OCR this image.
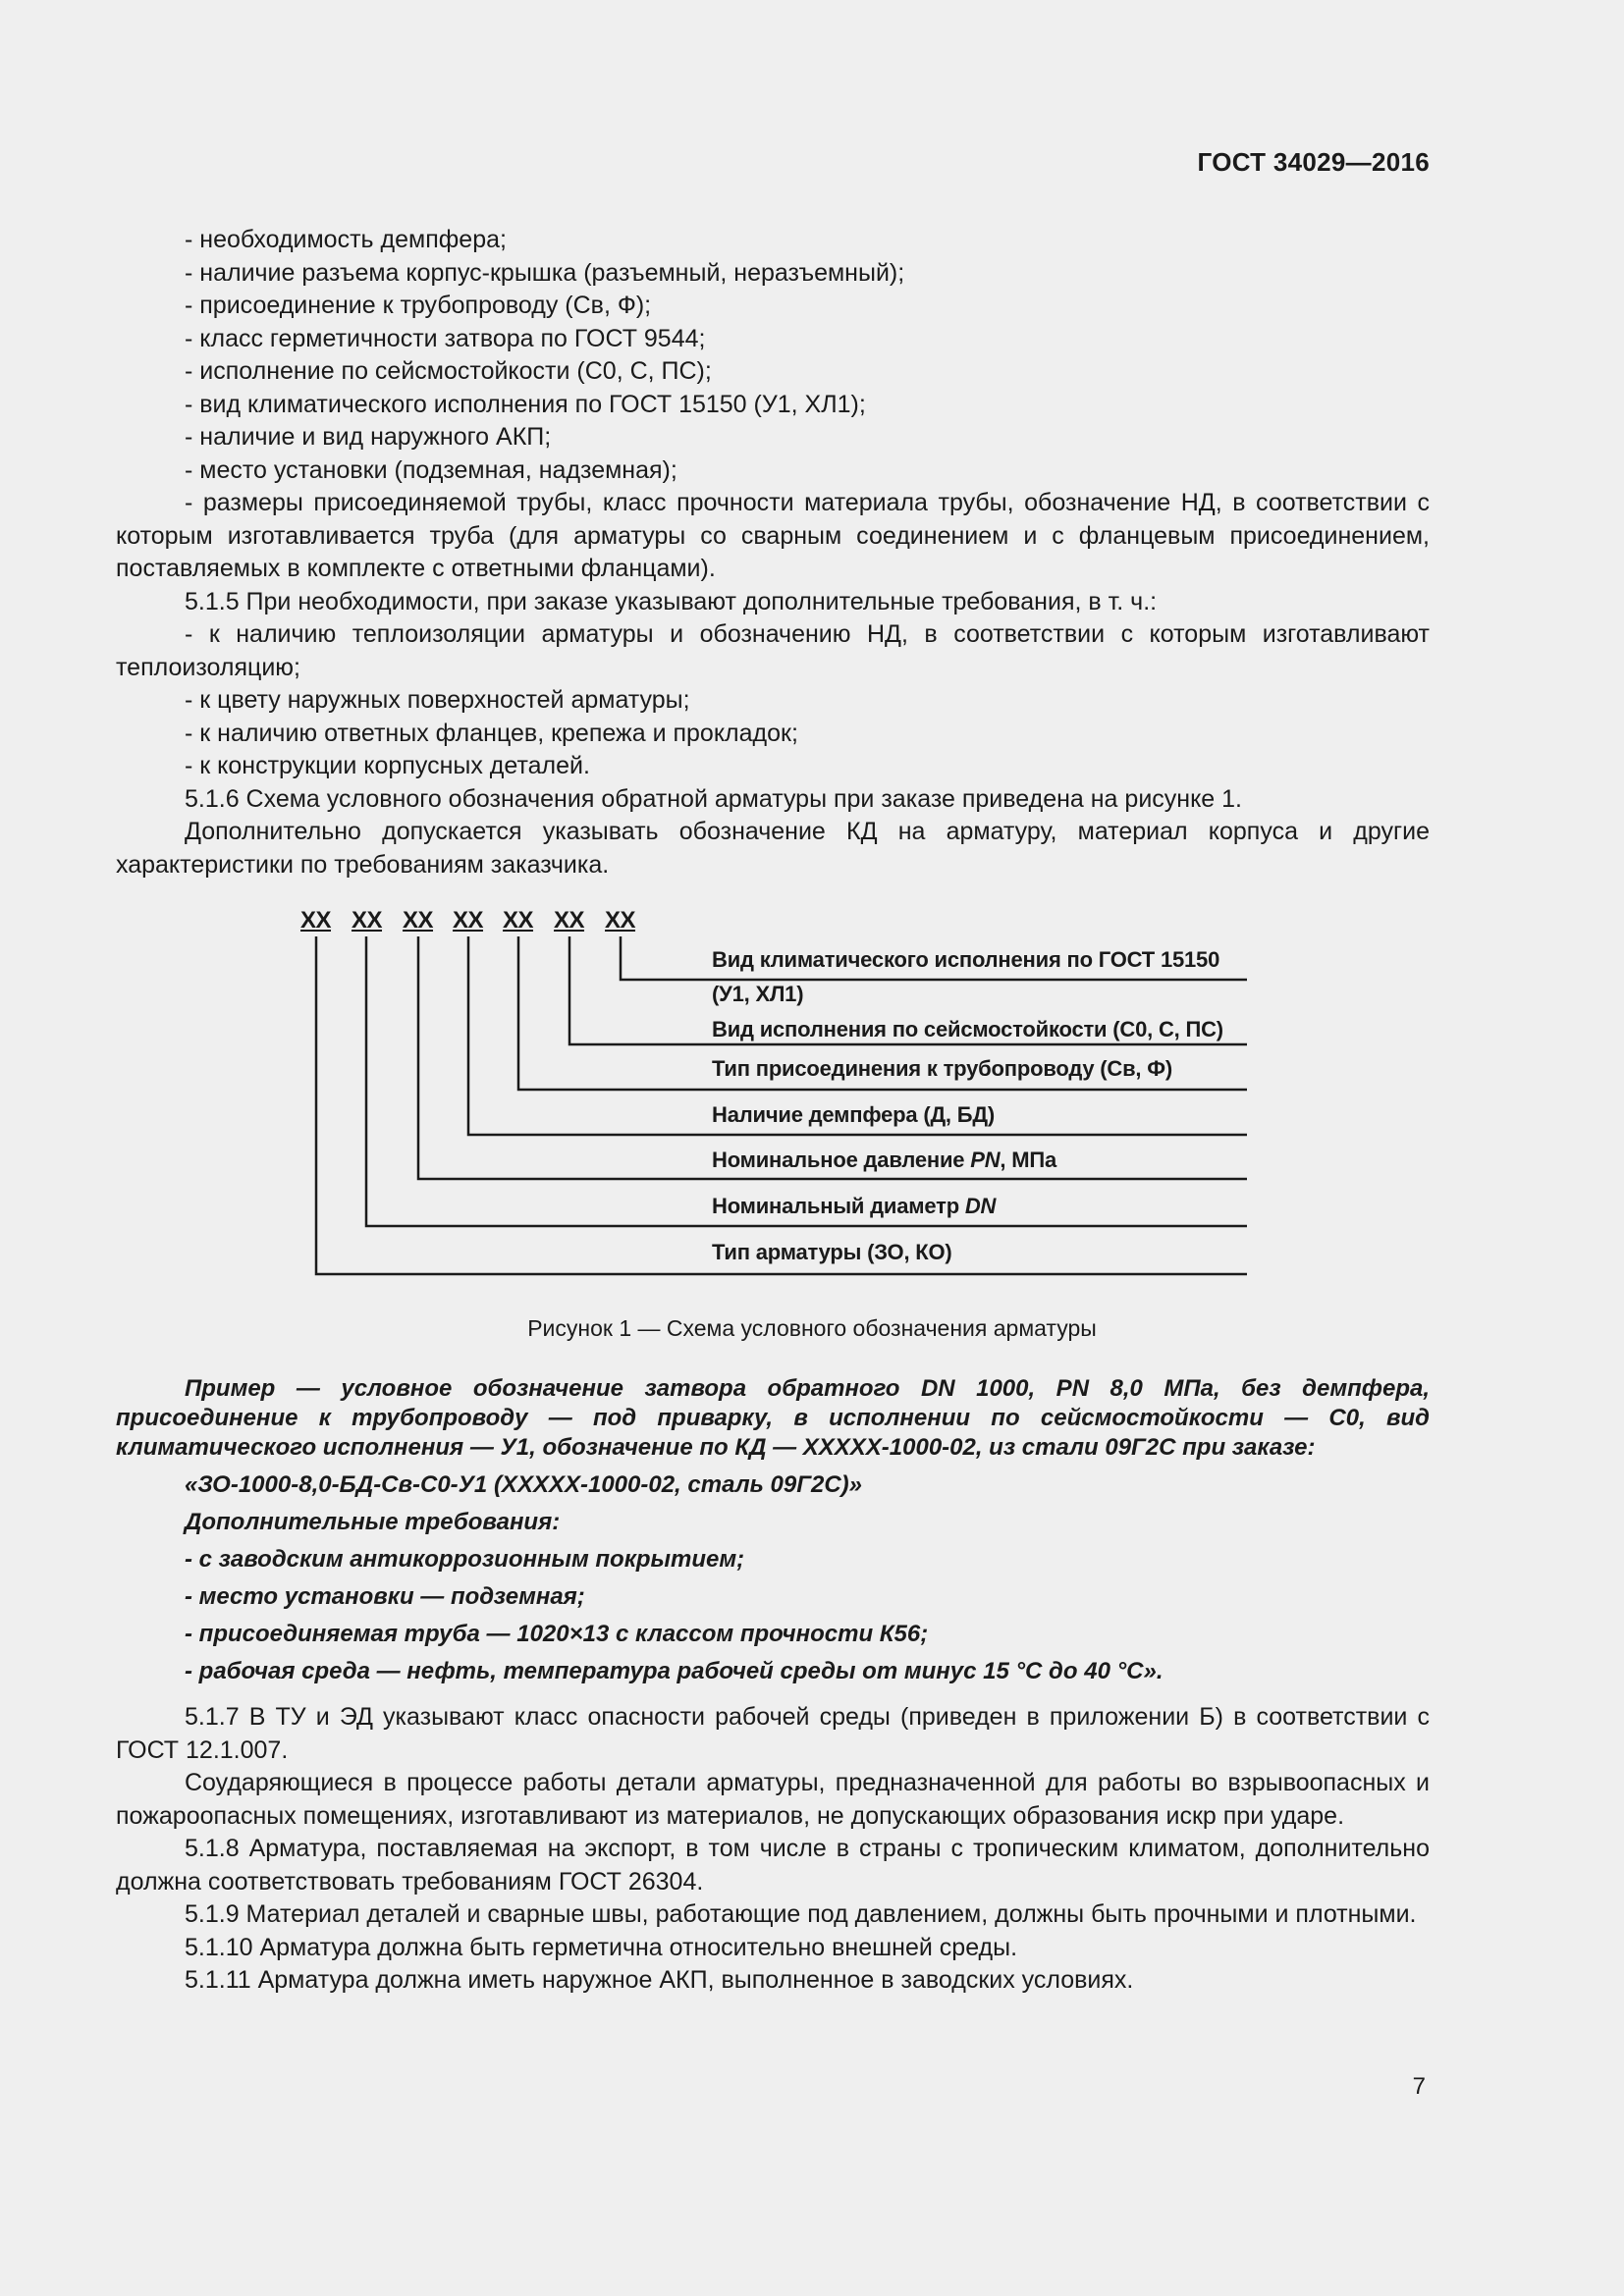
ГОСТ 34029—2016

- необходимость демпфера;

- наличие разъема корпус-крышка (разъемный, неразъемный);

- присоединение к трубопроводу (Св, Ф);

- класс герметичности затвора по ГОСТ 9544;

- исполнение по сейсмостойкости (С0, С, ПС);

- вид климатического исполнения по ГОСТ 15150 (У1, ХЛ1);

- наличие и вид наружного АКП;

- место установки (подземная, надземная);

- размеры присоединяемой трубы, класс прочности материала трубы, обозначение НД, в соответствии с которым изготавливается труба (для арматуры со сварным соединением и с фланцевым присоединением, поставляемых в комплекте с ответными фланцами).

5.1.5 При необходимости, при заказе указывают дополнительные требования, в т. ч.:

- к наличию теплоизоляции арматуры и обозначению НД, в соответствии с которым изготавливают теплоизоляцию;

- к цвету наружных поверхностей арматуры;

- к наличию ответных фланцев, крепежа и прокладок;

- к конструкции корпусных деталей.

5.1.6 Схема условного обозначения обратной арматуры при заказе приведена на рисунке 1.

Дополнительно допускается указывать обозначение КД на арматуру, материал корпуса и другие характеристики по требованиям заказчика.

ХХ ХХ ХХ ХХ ХХ ХХ ХХ
Вид климатического исполнения по ГОСТ 15150
(У1, ХЛ1)
Вид исполнения по сейсмостойкости (С0, С, ПС)
Тип присоединения к трубопроводу (Св, Ф)
Наличие демпфера (Д, БД)
Номинальное давление PN, МПа
Номинальный диаметр DN
Тип арматуры (ЗО, КО)
Рисунок 1 — Схема условного обозначения арматуры

Пример — условное обозначение затвора обратного DN 1000, PN 8,0 МПа, без демпфера, присоединение к трубопроводу — под приварку, в исполнении по сейсмостойкости — С0, вид климатического исполнения — У1, обозначение по КД — ХХХХХ-1000-02, из стали 09Г2С при заказе:

«ЗО-1000-8,0-БД-Св-С0-У1 (ХХХХХ-1000-02, сталь 09Г2С)»

Дополнительные требования:

- с заводским антикоррозионным покрытием;

- место установки — подземная;

- присоединяемая труба — 1020×13 с классом прочности К56;

- рабочая среда — нефть, температура рабочей среды от минус 15 °С до 40 °С».

5.1.7 В ТУ и ЭД указывают класс опасности рабочей среды (приведен в приложении Б) в соответствии с ГОСТ 12.1.007.

Соударяющиеся в процессе работы детали арматуры, предназначенной для работы во взрывоопасных и пожароопасных помещениях, изготавливают из материалов, не допускающих образования искр при ударе.

5.1.8 Арматура, поставляемая на экспорт, в том числе в страны с тропическим климатом, дополнительно должна соответствовать требованиям ГОСТ 26304.

5.1.9 Материал деталей и сварные швы, работающие под давлением, должны быть прочными и плотными.

5.1.10 Арматура должна быть герметична относительно внешней среды.

5.1.11 Арматура должна иметь наружное АКП, выполненное в заводских условиях.

7
